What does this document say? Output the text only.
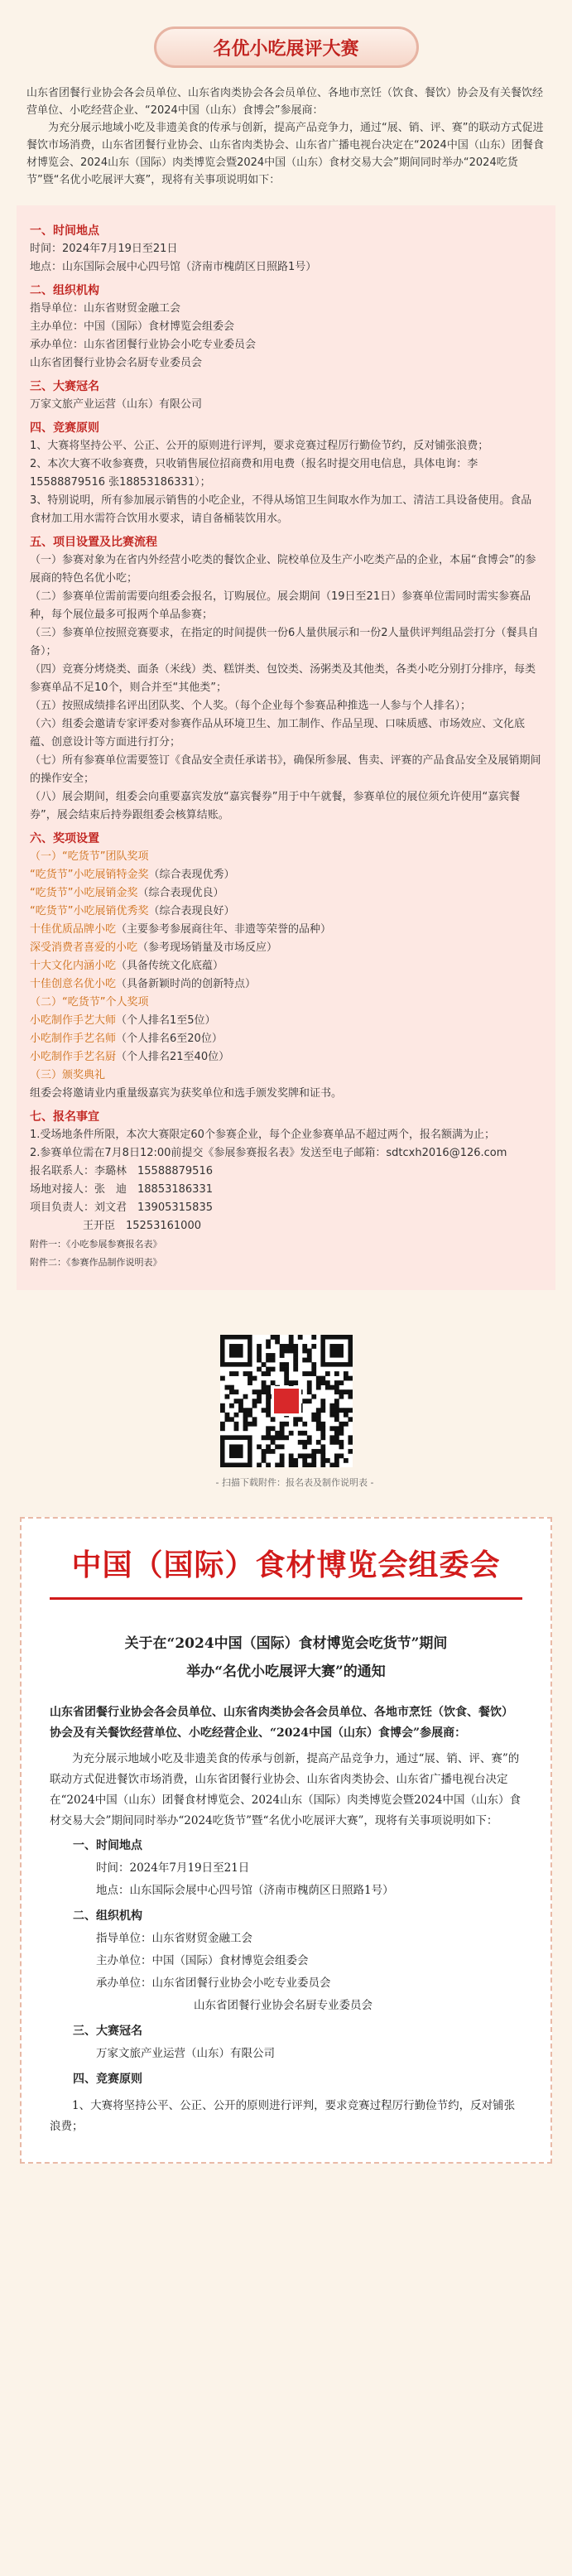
名优小吃展评大赛
山东省团餐行业协会各会员单位、山东省肉类协会各会员单位、各地市烹饪（饮食、餐饮）协会及有关餐饮经营单位、小吃经营企业、“2024中国（山东）食博会”参展商：

为充分展示地域小吃及非遗美食的传承与创新，提高产品竞争力，通过“展、销、评、赛”的联动方式促进餐饮市场消费，山东省团餐行业协会、山东省肉类协会、山东省广播电视台决定在“2024中国（山东）团餐食材博览会、2024山东（国际）肉类博览会暨2024中国（山东）食材交易大会”期间同时举办“2024吃货节”暨“名优小吃展评大赛”，现将有关事项说明如下：

一、时间地点
时间：2024年7月19日至21日
地点：山东国际会展中心四号馆（济南市槐荫区日照路1号）
二、组织机构
指导单位：山东省财贸金融工会
主办单位：中国（国际）食材博览会组委会
承办单位：山东省团餐行业协会小吃专业委员会
山东省团餐行业协会名厨专业委员会
三、大赛冠名
万家文旅产业运营（山东）有限公司
四、竞赛原则
1、大赛将坚持公平、公正、公开的原则进行评判，要求竞赛过程厉行勤俭节约，反对铺张浪费；
2、本次大赛不收参赛费，只收销售展位招商费和用电费（报名时提交用电信息，具体电询：李15588879516 张18853186331）；
3、特别说明，所有参加展示销售的小吃企业，不得从场馆卫生间取水作为加工、清洁工具设备使用。食品食材加工用水需符合饮用水要求，请自备桶装饮用水。
五、项目设置及比赛流程
（一）参赛对象为在省内外经营小吃类的餐饮企业、院校单位及生产小吃类产品的企业，本届“食博会”的参展商的特色名优小吃；
（二）参赛单位需前需要向组委会报名，订购展位。展会期间（19日至21日）参赛单位需同时需实参赛品种，每个展位最多可报两个单品参赛；
（三）参赛单位按照竞赛要求，在指定的时间提供一份6人量供展示和一份2人量供评判组品尝打分（餐具自备）；
（四）竞赛分烤烧类、面条（米线）类、糕饼类、包饺类、汤粥类及其他类，各类小吃分别打分排序，每类参赛单品不足10个，则合并至“其他类”；
（五）按照成绩排名评出团队奖、个人奖。（每个企业每个参赛品种推选一人参与个人排名）；
（六）组委会邀请专家评委对参赛作品从环境卫生、加工制作、作品呈现、口味质感、市场效应、文化底蕴、创意设计等方面进行打分；
（七）所有参赛单位需要签订《食品安全责任承诺书》，确保所参展、售卖、评赛的产品食品安全及展销期间的操作安全；
（八）展会期间，组委会向重要嘉宾发放“嘉宾餐券”用于中午就餐，参赛单位的展位须允许使用“嘉宾餐券”，展会结束后持券跟组委会核算结账。
六、奖项设置
（一）“吃货节”团队奖项
“吃货节”小吃展销特金奖（综合表现优秀）
“吃货节”小吃展销金奖（综合表现优良）
“吃货节”小吃展销优秀奖（综合表现良好）
十佳优质品牌小吃（主要参考参展商往年、非遗等荣誉的品种）
深受消费者喜爱的小吃（参考现场销量及市场反应）
十大文化内涵小吃（具备传统文化底蕴）
十佳创意名优小吃（具备新颖时尚的创新特点）
（二）“吃货节”个人奖项
小吃制作手艺大师（个人排名1至5位）
小吃制作手艺名师（个人排名6至20位）
小吃制作手艺名厨（个人排名21至40位）
（三）颁奖典礼
组委会将邀请业内重量级嘉宾为获奖单位和选手颁发奖牌和证书。
七、报名事宜
1.受场地条件所限，本次大赛限定60个参赛企业，每个企业参赛单品不超过两个，报名额满为止；
2.参赛单位需在7月8日12:00前提交《参展参赛报名表》发送至电子邮箱：sdtcxh2016@126.com
报名联系人：李璐林　15588879516
场地对接人：张　迪　18853186331
项目负责人：刘文君　13905315835
王开臣　15253161000
附件一：《小吃参展参赛报名表》
附件二：《参赛作品制作说明表》
- 扫描下载附件：报名表及制作说明表 -
中国（国际）食材博览会组委会
关于在“2024中国（国际）食材博览会吃货节”期间
举办“名优小吃展评大赛”的通知
山东省团餐行业协会各会员单位、山东省肉类协会各会员单位、各地市烹饪（饮食、餐饮）协会及有关餐饮经营单位、小吃经营企业、“2024中国（山东）食博会”参展商：
为充分展示地域小吃及非遗美食的传承与创新，提高产品竞争力，通过“展、销、评、赛”的联动方式促进餐饮市场消费，山东省团餐行业协会、山东省肉类协会、山东省广播电视台决定在“2024中国（山东）团餐食材博览会、2024山东（国际）肉类博览会暨2024中国（山东）食材交易大会”期间同时举办“2024吃货节”暨“名优小吃展评大赛”，现将有关事项说明如下：
一、时间地点
时间：2024年7月19日至21日
地点：山东国际会展中心四号馆（济南市槐荫区日照路1号）
二、组织机构
指导单位：山东省财贸金融工会
主办单位：中国（国际）食材博览会组委会
承办单位：山东省团餐行业协会小吃专业委员会
山东省团餐行业协会名厨专业委员会
三、大赛冠名
万家文旅产业运营（山东）有限公司
四、竞赛原则
1、大赛将坚持公平、公正、公开的原则进行评判，要求竞赛过程厉行勤俭节约，反对铺张浪费；
